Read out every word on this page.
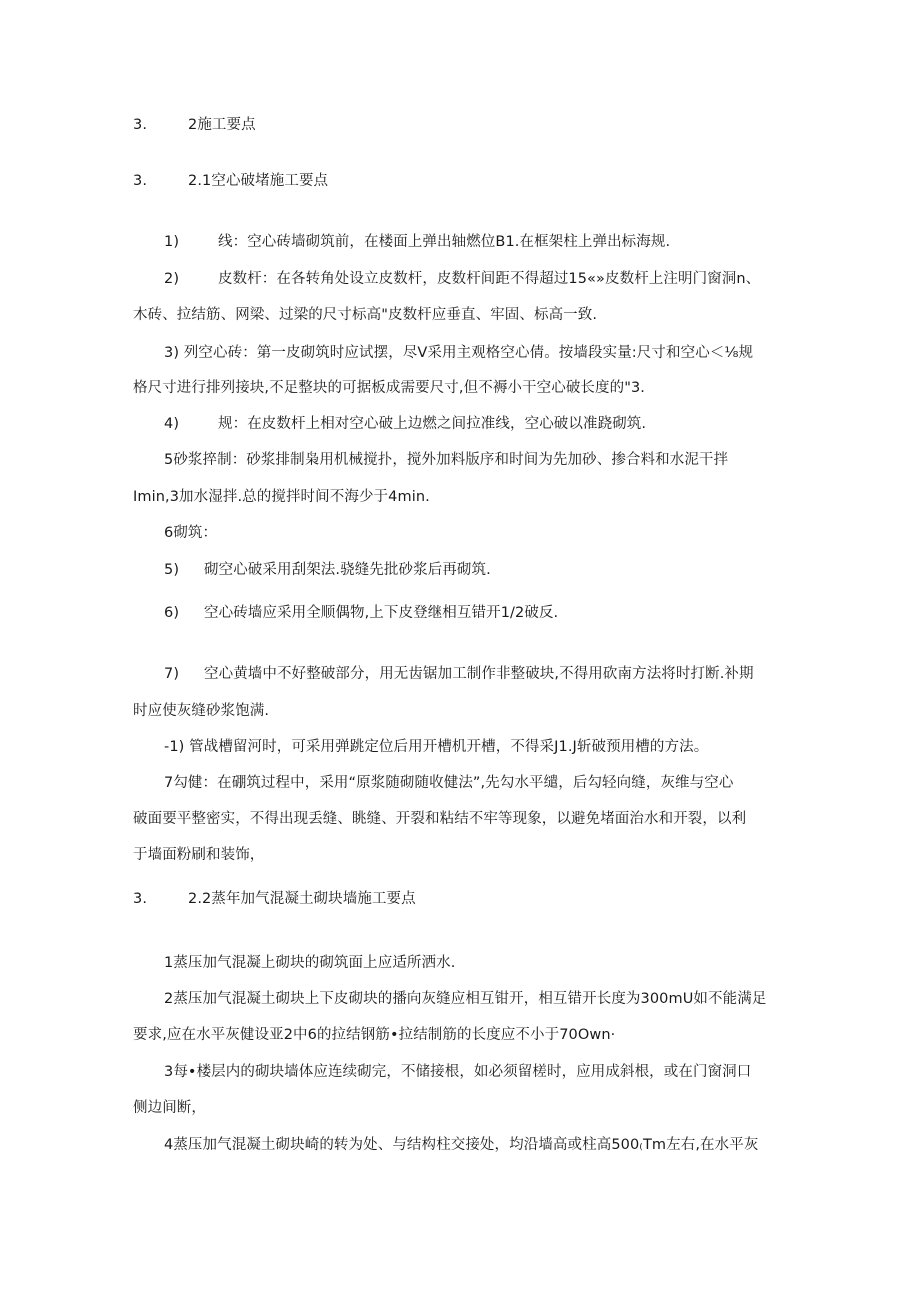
3.	2施工要点
3.	2.1空心破堵施工要点
1)	线：空心砖墙砌筑前，在楼面上弹出轴燃位B1.在框架柱上弹出标海规.
2)	皮数杆：在各转角处设立皮数杆，皮数杆间距不得超过15«»皮数杆上注明门窗洞n、
木砖、拉结筋、网梁、过梁的尺寸标高"皮数杆应垂直、牢固、标高一致.
3) 列空心砖：第一皮砌筑时应试摆，尽V采用主观格空心倩。按墙段实量:尺寸和空心＜⅛规
格尺寸进行排列接块,不足整块的可据板成需要尺寸,但不褥小干空心破长度的"3.
4)	规：在皮数杆上相对空心破上边燃之间拉准线，空心破以准跷砌筑.
5砂浆捽制：砂浆排制枭用机械搅扑，搅外加料版序和时间为先加砂、掺合料和水泥干拌
Imin,3加水湿拌.总的搅拌时间不海少于4min.
6砌筑：
5) 砌空心破采用刮架法.骁缝先批砂浆后再砌筑.
6) 空心砖墙应采用全顺偶物,上下皮登继相互错开1/2破反.
7) 空心黄墙中不好整破部分，用无齿锯加工制作非整破块,不得用砍南方法将时打断.补期
时应使灰缝砂浆饱满.
-1) 管战槽留河时，可采用弹跳定位后用开槽机开槽，不得采J1.J斩破预用槽的方法。
7勾健：在硼筑过程中，采用“原浆随砌随收健法”,先勾水平缱，后勾轻向缝，灰维与空心
破面要平整密实，不得出现丢缝、眺缝、开裂和粘结不牢等现象，以避免堵面治水和开裂，以利
于墙面粉刷和装饰，
3.	2.2蒸年加气混凝土砌块墙施工要点
1蒸压加气混凝上砌块的砌筑面上应适所洒水.
2蒸压加气混凝土砌块上下皮砌块的播向灰缝应相互钳开，相互错开长度为300mU如不能满足
要求,应在水平灰健设亚2中6的拉结钢筋•拉结制筋的长度应不小于70Own·
3每•楼层内的砌块墙体应连续砌完，不储接根，如必须留槎时，应用成斜根，或在门窗洞口
侧边间断，
4蒸压加气混凝土砌块崎的转为处、与结构柱交接处，均沿墙高或柱高500₍Tm左右,在水平灰
